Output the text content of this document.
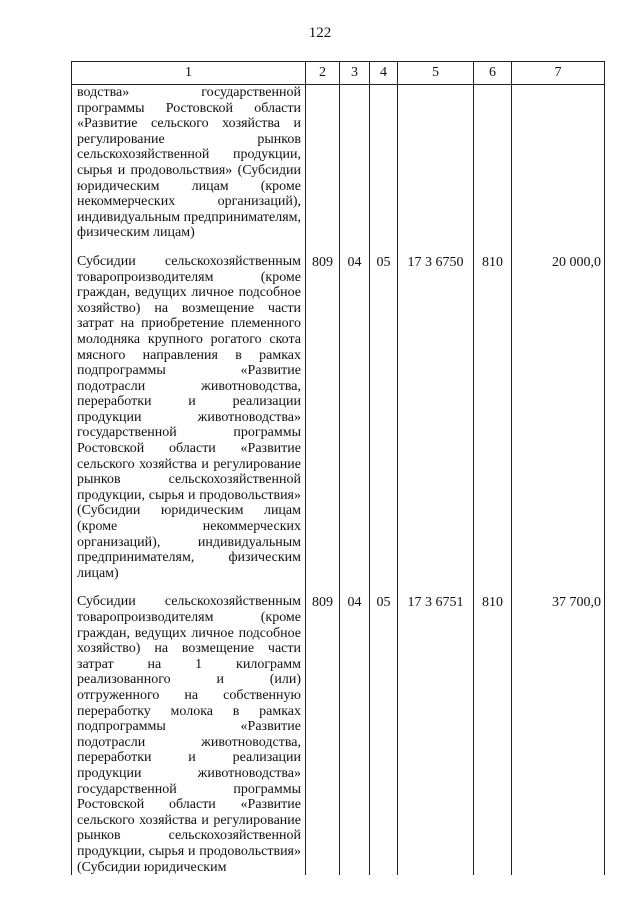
122
1	2	3	4	5	6	7

водства» государственной программы Ростовской области «Развитие сельского хозяйства и регулирование рынков сельскохозяйственной продукции, сырья и продовольствия» (Субсидии юридическим лицам (кроме некоммерческих организаций), индивидуальным предпринимателям, физическим лицам)						

Субсидии сельскохозяйственным товаропроизводителям (кроме граждан, ведущих личное подсобное хозяйство) на возмещение части затрат на приобретение племенного молодняка крупного рогатого скота мясного направления в рамках подпрограммы «Развитие подотрасли животноводства, переработки и реализации продукции животноводства» государственной программы Ростовской области «Развитие сельского хозяйства и регулирование рынков сельскохозяйственной продукции, сырья и продовольствия» (Субсидии юридическим лицам (кроме некоммерческих организаций), индивидуальным предпринимателям, физическим лицам)	809	04	05	17 3 6750	810	20 000,0

Субсидии сельскохозяйственным товаропроизводителям (кроме граждан, ведущих личное подсобное хозяйство) на возмещение части затрат на 1 килограмм реализованного и (или) отгруженного на собственную переработку молока в рамках подпрограммы «Развитие подотрасли животноводства, переработки и реализации продукции животноводства» государственной программы Ростовской области «Развитие сельского хозяйства и регулирование рынков сельскохозяйственной продукции, сырья и продовольствия» (Субсидии юридическим	809	04	05	17 3 6751	810	37 700,0
